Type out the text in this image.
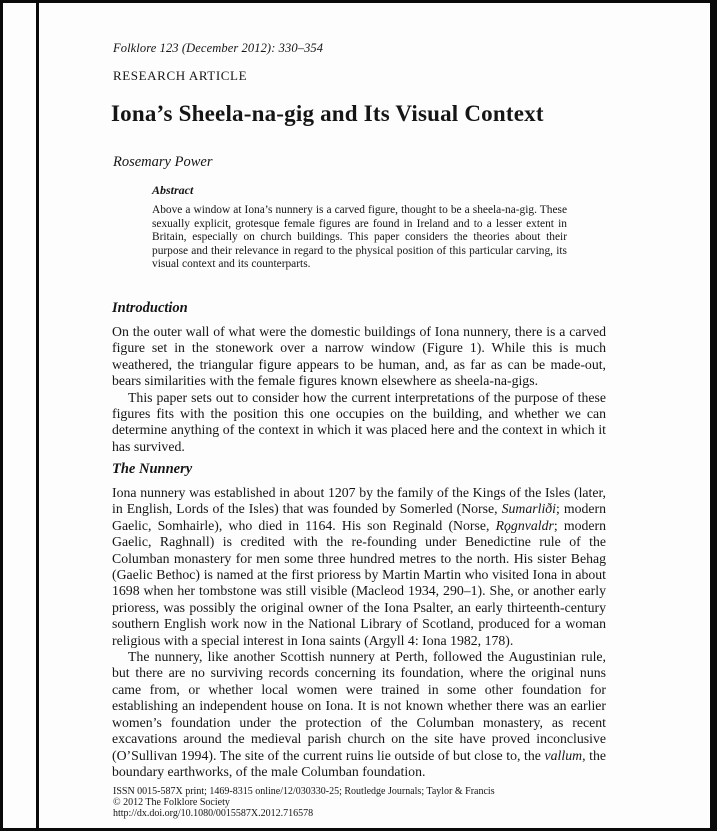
Folklore 123 (December 2012): 330–354
RESEARCH ARTICLE
Iona’s Sheela-na-gig and Its Visual Context
Rosemary Power
Abstract

Above a window at Iona’s nunnery is a carved figure, thought to be a sheela-na-gig. These sexually explicit, grotesque female figures are found in Ireland and to a lesser extent in Britain, especially on church buildings. This paper considers the theories about their purpose and their relevance in regard to the physical position of this particular carving, its visual context and its counterparts.

Introduction

On the outer wall of what were the domestic buildings of Iona nunnery, there is a carved figure set in the stonework over a narrow window (Figure 1). While this is much weathered, the triangular figure appears to be human, and, as far as can be made-out, bears similarities with the female figures known elsewhere as sheela-na-gigs.

This paper sets out to consider how the current interpretations of the purpose of these figures fits with the position this one occupies on the building, and whether we can determine anything of the context in which it was placed here and the context in which it has survived.

The Nunnery

Iona nunnery was established in about 1207 by the family of the Kings of the Isles (later, in English, Lords of the Isles) that was founded by Somerled (Norse, Sumarliði; modern Gaelic, Somhairle), who died in 1164. His son Reginald (Norse, Rǫgnvaldr; modern Gaelic, Raghnall) is credited with the re-founding under Benedictine rule of the Columban monastery for men some three hundred metres to the north. His sister Behag (Gaelic Bethoc) is named at the first prioress by Martin Martin who visited Iona in about 1698 when her tombstone was still visible (Macleod 1934, 290–1). She, or another early prioress, was possibly the original owner of the Iona Psalter, an early thirteenth-century southern English work now in the National Library of Scotland, produced for a woman religious with a special interest in Iona saints (Argyll 4: Iona 1982, 178).

The nunnery, like another Scottish nunnery at Perth, followed the Augustinian rule, but there are no surviving records concerning its foundation, where the original nuns came from, or whether local women were trained in some other foundation for establishing an independent house on Iona. It is not known whether there was an earlier women’s foundation under the protection of the Columban monastery, as recent excavations around the medieval parish church on the site have proved inconclusive (O’Sullivan 1994). The site of the current ruins lie outside of but close to, the vallum, the boundary earthworks, of the male Columban foundation.

ISSN 0015-587X print; 1469-8315 online/12/030330-25; Routledge Journals; Taylor & Francis
© 2012 The Folklore Society
http://dx.doi.org/10.1080/0015587X.2012.716578
